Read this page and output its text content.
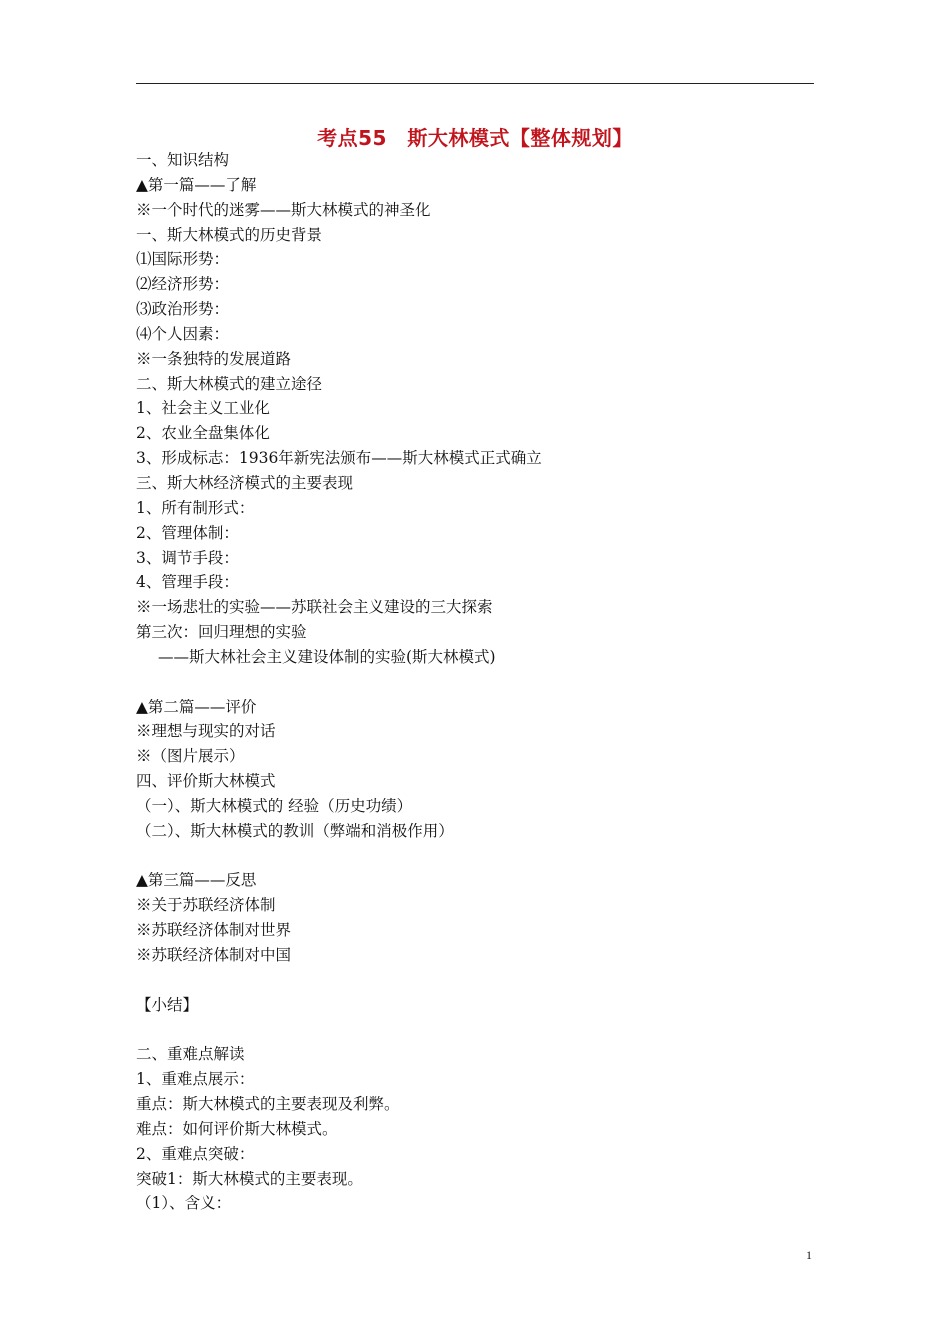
考点55　斯大林模式【整体规划】
一、知识结构
▲第一篇——了解
※一个时代的迷雾——斯大林模式的神圣化
一、斯大林模式的历史背景
⑴国际形势：
⑵经济形势：
⑶政治形势：
⑷个人因素：
※一条独特的发展道路
二、斯大林模式的建立途径
1、社会主义工业化
2、农业全盘集体化
3、形成标志：1936年新宪法颁布——斯大林模式正式确立
三、斯大林经济模式的主要表现
1、所有制形式：
2、管理体制：
3、调节手段：
4、管理手段：
※一场悲壮的实验——苏联社会主义建设的三大探索
第三次：回归理想的实验
——斯大林社会主义建设体制的实验(斯大林模式)
▲第二篇——评价
※理想与现实的对话
※（图片展示）
四、评价斯大林模式
（一）、斯大林模式的 经验（历史功绩）
（二）、斯大林模式的教训（弊端和消极作用）
▲第三篇——反思
※关于苏联经济体制
※苏联经济体制对世界
※苏联经济体制对中国
【小结】
二、重难点解读
1、重难点展示：
重点：斯大林模式的主要表现及利弊。
难点：如何评价斯大林模式。
2、重难点突破：
突破1：斯大林模式的主要表现。
（1）、含义：
1
